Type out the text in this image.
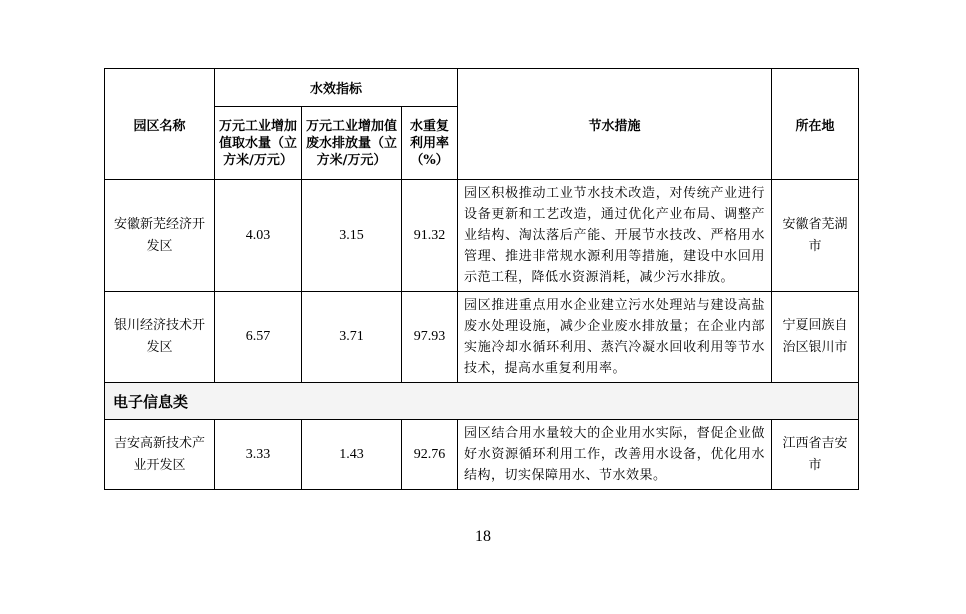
园区名称	水效指标			节水措施	所在地
	万元工业增加值取水量（立方米/万元）	万元工业增加值废水排放量（立方米/万元）	水重复利用率（%）		
安徽新芜经济开发区	4.03	3.15	91.32	园区积极推动工业节水技术改造，对传统产业进行设备更新和工艺改造，通过优化产业布局、调整产业结构、淘汰落后产能、开展节水技改、严格用水管理、推进非常规水源利用等措施，建设中水回用示范工程，降低水资源消耗，减少污水排放。	安徽省芜湖市
银川经济技术开发区	6.57	3.71	97.93	园区推进重点用水企业建立污水处理站与建设高盐废水处理设施，减少企业废水排放量；在企业内部实施冷却水循环利用、蒸汽冷凝水回收利用等节水技术，提高水重复利用率。	宁夏回族自治区银川市
电子信息类					
吉安高新技术产业开发区	3.33	1.43	92.76	园区结合用水量较大的企业用水实际，督促企业做好水资源循环利用工作，改善用水设备，优化用水结构，切实保障用水、节水效果。	江西省吉安市
18
